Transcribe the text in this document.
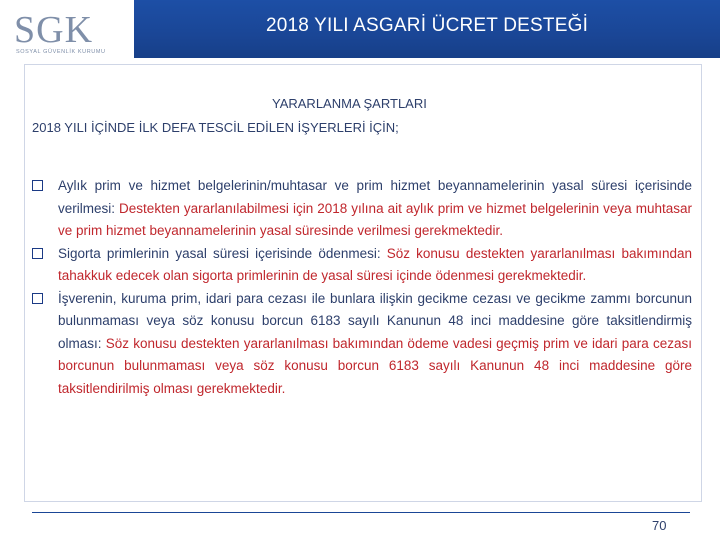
SGK
SOSYAL GÜVENLİK KURUMU
2018 YILI ASGARİ ÜCRET DESTEĞİ
YARARLANMA ŞARTLARI
2018 YILI İÇİNDE İLK DEFA TESCİL EDİLEN İŞYERLERİ İÇİN;
Aylık prim ve hizmet belgelerinin/muhtasar ve prim hizmet beyannamelerinin yasal süresi içerisinde verilmesi: Destekten yararlanılabilmesi için 2018 yılına ait aylık prim ve hizmet belgelerinin veya muhtasar ve prim hizmet beyannamelerinin yasal süresinde verilmesi gerekmektedir.
Sigorta primlerinin yasal süresi içerisinde ödenmesi: Söz konusu destekten yararlanılması bakımından tahakkuk edecek olan sigorta primlerinin de yasal süresi içinde ödenmesi gerekmektedir.
İşverenin, kuruma prim, idari para cezası ile bunlara ilişkin gecikme cezası ve gecikme zammı borcunun bulunmaması veya söz konusu borcun 6183 sayılı Kanunun 48 inci maddesine göre taksitlendirmiş olması: Söz konusu destekten yararlanılması bakımından ödeme vadesi geçmiş prim ve idari para cezası borcunun bulunmaması veya söz konusu borcun 6183 sayılı Kanunun 48 inci maddesine göre taksitlendirilmiş olması gerekmektedir.
70
